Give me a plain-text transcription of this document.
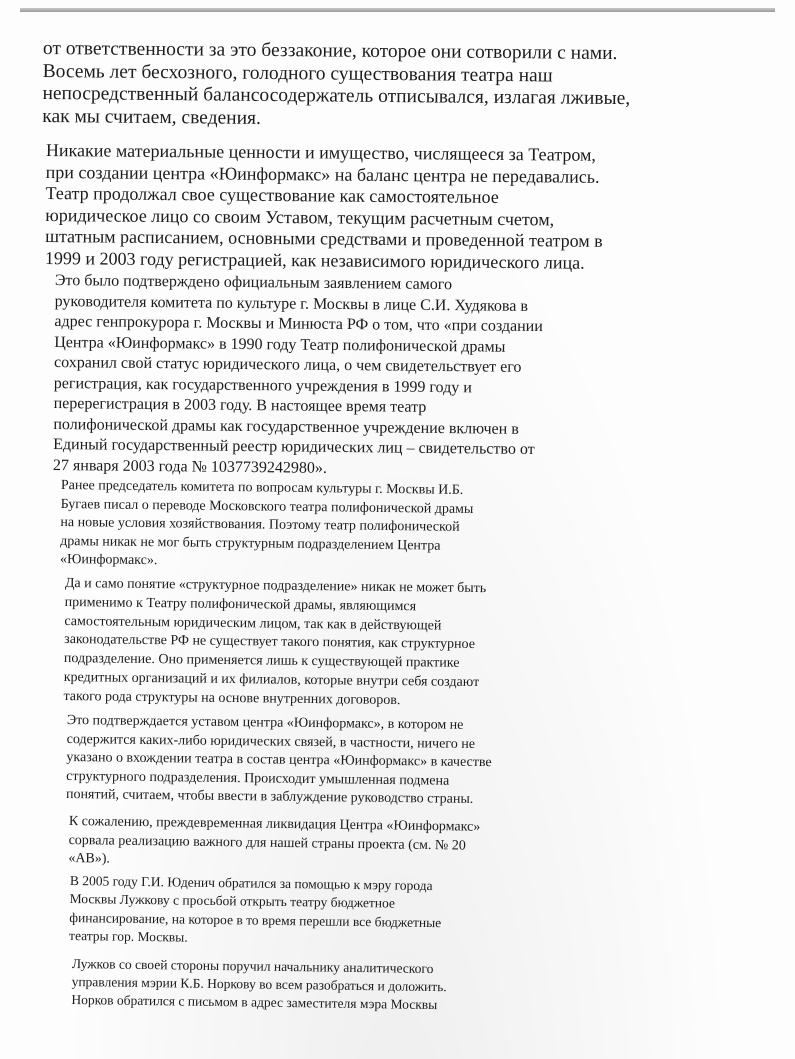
от ответственности за это беззаконие, которое они сотворили с нами.
Восемь лет бесхозного, голодного существования театра наш
непосредственный балансосодержатель отписывался, излагая лживые,
как мы считаем, сведения.

Никакие материальные ценности и имущество, числящееся за Театром,
при создании центра «Юинформакс» на баланс центра не передавались.
Театр продолжал свое существование как самостоятельное
юридическое лицо со своим Уставом, текущим расчетным счетом,
штатным расписанием, основными средствами и проведенной театром в
1999 и 2003 году регистрацией, как независимого юридического лица.

Это было подтверждено официальным заявлением самого
руководителя комитета по культуре г. Москвы в лице С.И. Худякова в
адрес генпрокурора г. Москвы и Минюста РФ о том, что «при создании
Центра «Юинформакс» в 1990 году Театр полифонической драмы
сохранил свой статус юридического лица, о чем свидетельствует его
регистрация, как государственного учреждения в 1999 году и
перерегистрация в 2003 году. В настоящее время театр
полифонической драмы как государственное учреждение включен в
Единый государственный реестр юридических лиц – свидетельство от
27 января 2003 года № 1037739242980».

Ранее председатель комитета по вопросам культуры г. Москвы И.Б.
Бугаев писал о переводе Московского театра полифонической драмы
на новые условия хозяйствования. Поэтому театр полифонической
драмы никак не мог быть структурным подразделением Центра
«Юинформакс».

Да и само понятие «структурное подразделение» никак не может быть
применимо к Театру полифонической драмы, являющимся
самостоятельным юридическим лицом, так как в действующей
законодательстве РФ не существует такого понятия, как структурное
подразделение. Оно применяется лишь к существующей практике
кредитных организаций и их филиалов, которые внутри себя создают
такого рода структуры на основе внутренних договоров.

Это подтверждается уставом центра «Юинформакс», в котором не
содержится каких-либо юридических связей, в частности, ничего не
указано о вхождении театра в состав центра «Юинформакс» в качестве
структурного подразделения. Происходит умышленная подмена
понятий, считаем, чтобы ввести в заблуждение руководство страны.

К сожалению, преждевременная ликвидация Центра «Юинформакс»
сорвала реализацию важного для нашей страны проекта (см. № 20
«АВ»).

В 2005 году Г.И. Юденич обратился за помощью к мэру города
Москвы Лужкову с просьбой открыть театру бюджетное
финансирование, на которое в то время перешли все бюджетные
театры гор. Москвы.

Лужков со своей стороны поручил начальнику аналитического
управления мэрии К.Б. Норкову во всем разобраться и доложить.
Норков обратился с письмом в адрес заместителя мэра Москвы
